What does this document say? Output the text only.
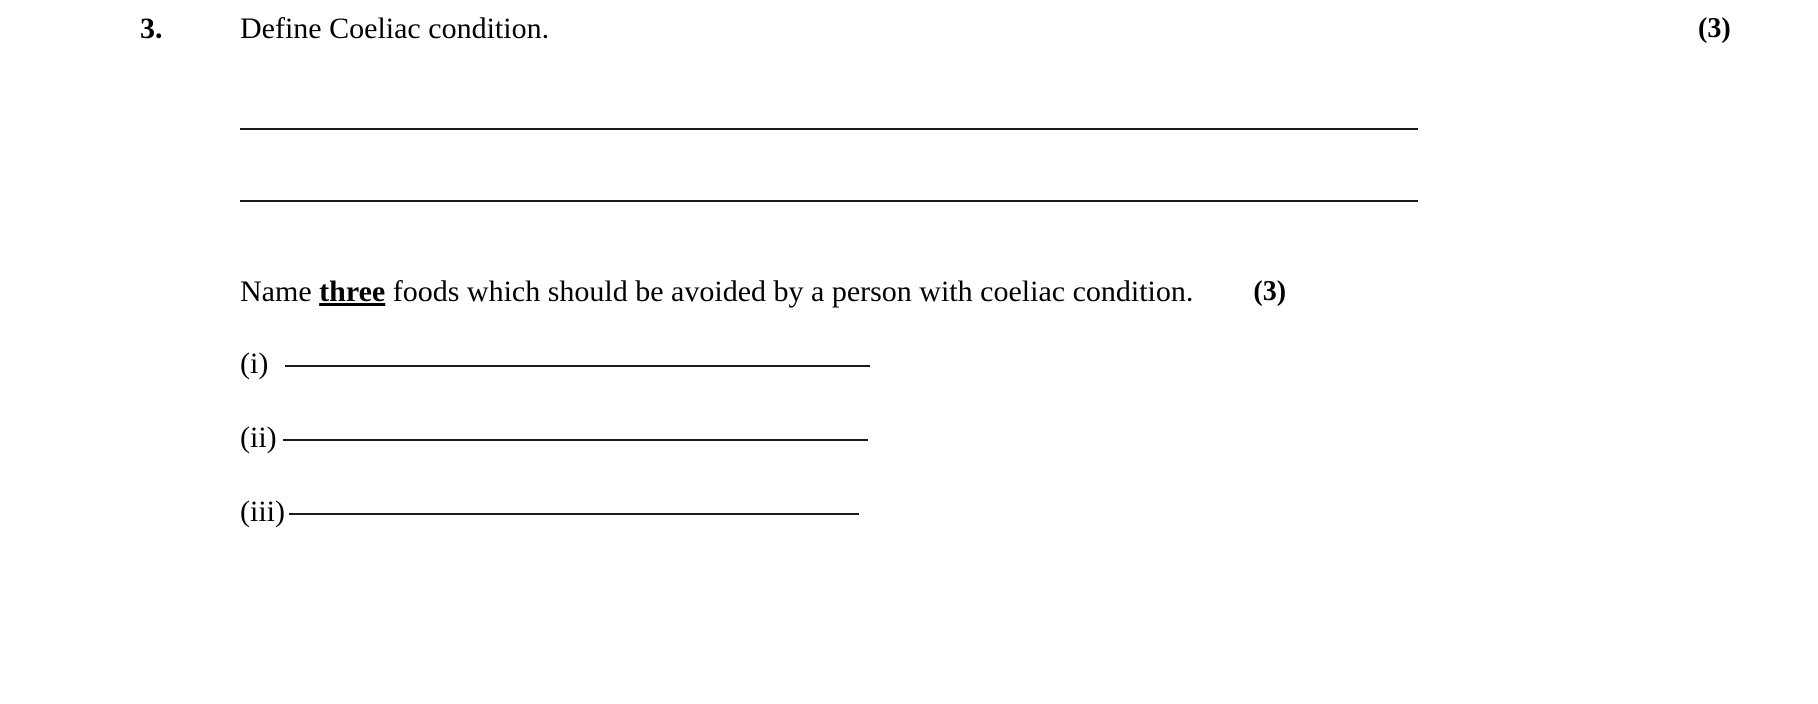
3.	Define Coeliac condition.	(3)
Name three foods which should be avoided by a person with coeliac condition. (3)
(i)
(ii)
(iii)
